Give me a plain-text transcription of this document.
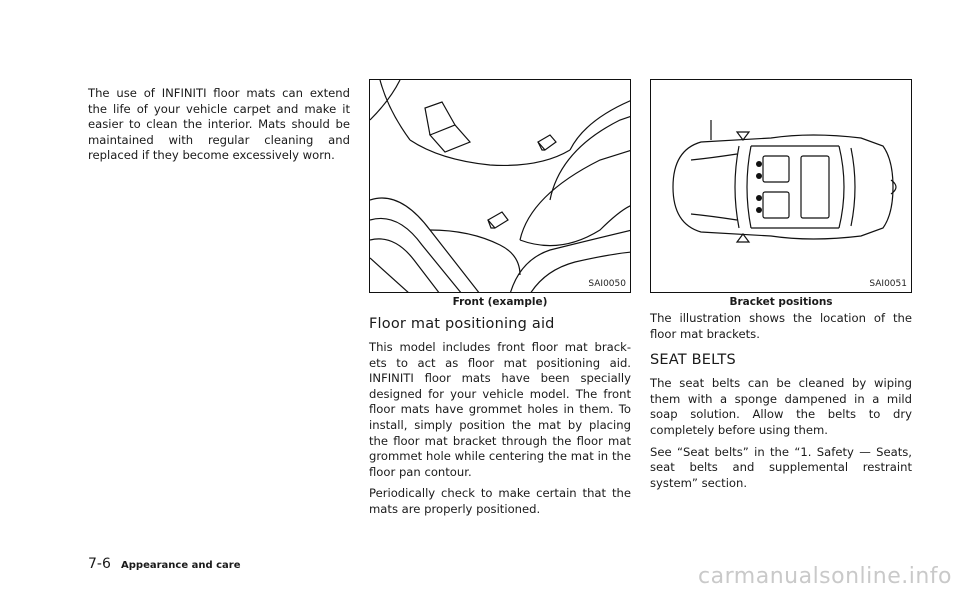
The use of INFINITI floor mats can extend the life of your vehicle carpet and make it easier to clean the interior. Mats should be maintained with regular cleaning and replaced if they become excessively worn.

SAI0050
Front (example)
Floor mat positioning aid

This model includes front floor mat brack- ets to act as floor mat positioning aid. INFINITI floor mats have been specially designed for your vehicle model. The front floor mats have grommet holes in them. To install, simply position the mat by placing the floor mat bracket through the floor mat grommet hole while centering the mat in the floor pan contour.

Periodically check to make certain that the mats are properly positioned.

SAI0051
Bracket positions

The illustration shows the location of the floor mat brackets.

SEAT BELTS

The seat belts can be cleaned by wiping them with a sponge dampened in a mild soap solution. Allow the belts to dry completely before using them.

See “Seat belts” in the “1. Safety — Seats, seat belts and supplemental restraint system” section.

7-6 Appearance and care	carmanualsonline.info
